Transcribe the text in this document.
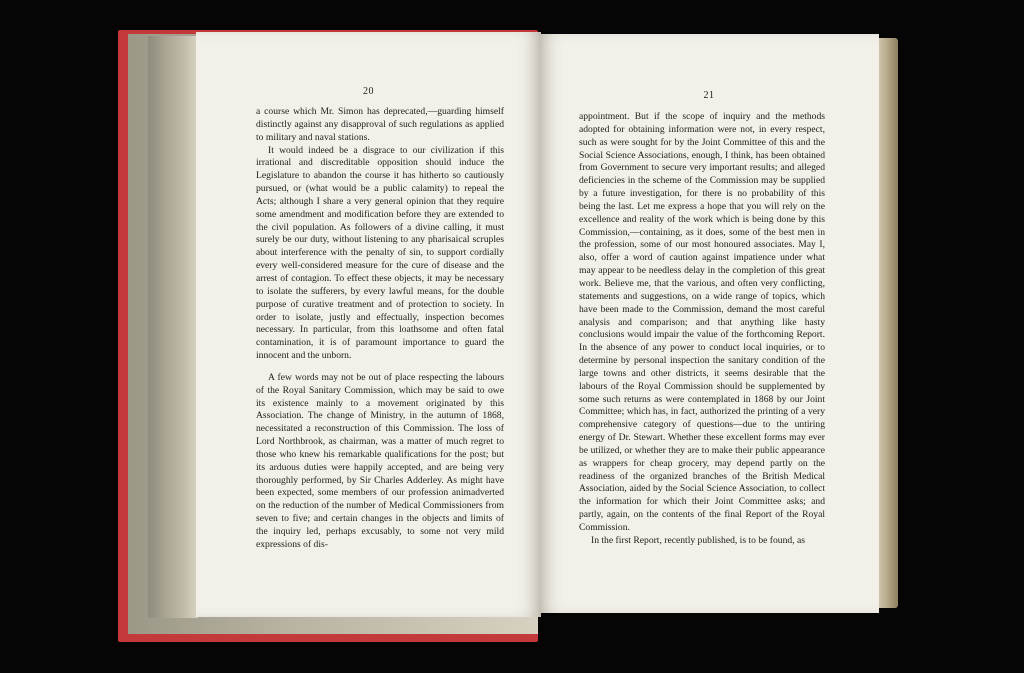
20

a course which Mr. Simon has deprecated,—guarding himself distinctly against any disapproval of such regulations as applied to military and naval stations.

It would indeed be a disgrace to our civilization if this irrational and discreditable opposition should induce the Legislature to abandon the course it has hitherto so cautiously pursued, or (what would be a public calamity) to repeal the Acts; although I share a very general opinion that they require some amendment and modification before they are extended to the civil population. As followers of a divine calling, it must surely be our duty, without listening to any pharisaical scruples about interference with the penalty of sin, to support cordially every well-considered measure for the cure of disease and the arrest of contagion. To effect these objects, it may be necessary to isolate the sufferers, by every lawful means, for the double purpose of curative treatment and of protection to society. In order to isolate, justly and effectually, inspection becomes necessary. In particular, from this loathsome and often fatal contamination, it is of paramount importance to guard the innocent and the unborn.

A few words may not be out of place respecting the labours of the Royal Sanitary Commission, which may be said to owe its existence mainly to a movement originated by this Association. The change of Ministry, in the autumn of 1868, necessitated a reconstruction of this Commission. The loss of Lord Northbrook, as chairman, was a matter of much regret to those who knew his remarkable qualifications for the post; but its arduous duties were happily accepted, and are being very thoroughly performed, by Sir Charles Adderley. As might have been expected, some members of our profession animadverted on the reduction of the number of Medical Commissioners from seven to five; and certain changes in the objects and limits of the inquiry led, perhaps excusably, to some not very mild expressions of dis-

21

appointment. But if the scope of inquiry and the methods adopted for obtaining information were not, in every respect, such as were sought for by the Joint Committee of this and the Social Science Associations, enough, I think, has been obtained from Government to secure very important results; and alleged deficiencies in the scheme of the Commission may be supplied by a future investigation, for there is no probability of this being the last. Let me express a hope that you will rely on the excellence and reality of the work which is being done by this Commission,—containing, as it does, some of the best men in the profession, some of our most honoured associates. May I, also, offer a word of caution against impatience under what may appear to be needless delay in the completion of this great work. Believe me, that the various, and often very conflicting, statements and suggestions, on a wide range of topics, which have been made to the Commission, demand the most careful analysis and comparison; and that anything like hasty conclusions would impair the value of the forthcoming Report. In the absence of any power to conduct local inquiries, or to determine by personal inspection the sanitary condition of the large towns and other districts, it seems desirable that the labours of the Royal Commission should be supplemented by some such returns as were contemplated in 1868 by our Joint Committee; which has, in fact, authorized the printing of a very comprehensive category of questions—due to the untiring energy of Dr. Stewart. Whether these excellent forms may ever be utilized, or whether they are to make their public appearance as wrappers for cheap grocery, may depend partly on the readiness of the organized branches of the British Medical Association, aided by the Social Science Association, to collect the information for which their Joint Committee asks; and partly, again, on the contents of the final Report of the Royal Commission.

In the first Report, recently published, is to be found, as
